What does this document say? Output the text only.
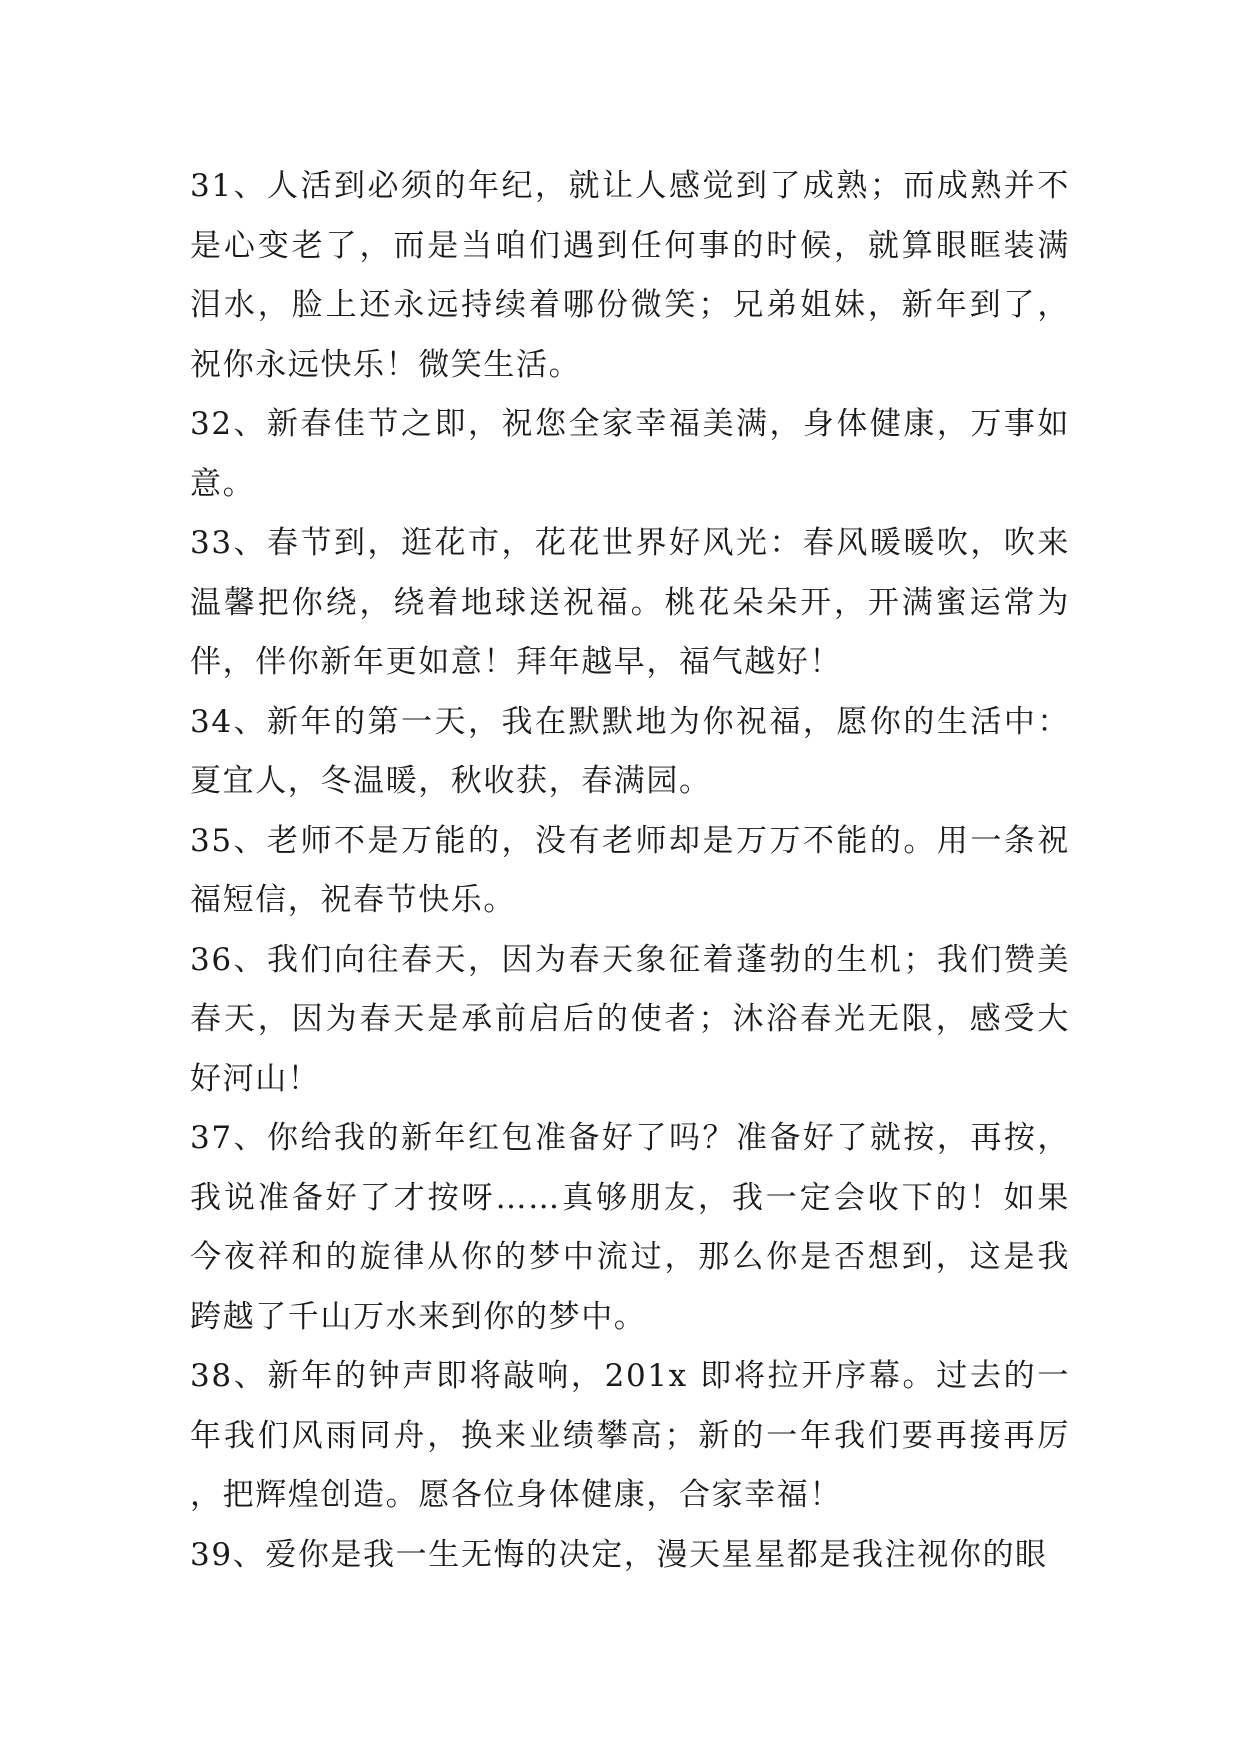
31、人活到必须的年纪，就让人感觉到了成熟；而成熟并不是心变老了，而是当咱们遇到任何事的时候，就算眼眶装满泪水，脸上还永远持续着哪份微笑；兄弟姐妹，新年到了，祝你永远快乐！微笑生活。

32、新春佳节之即，祝您全家幸福美满，身体健康，万事如意。

33、春节到，逛花市，花花世界好风光：春风暖暖吹，吹来温馨把你绕，绕着地球送祝福。桃花朵朵开，开满蜜运常为伴，伴你新年更如意！拜年越早，福气越好！

34、新年的第一天，我在默默地为你祝福，愿你的生活中：夏宜人，冬温暖，秋收获，春满园。

35、老师不是万能的，没有老师却是万万不能的。用一条祝福短信，祝春节快乐。

36、我们向往春天，因为春天象征着蓬勃的生机；我们赞美春天，因为春天是承前启后的使者；沐浴春光无限，感受大好河山！

37、你给我的新年红包准备好了吗？准备好了就按，再按，我说准备好了才按呀……真够朋友，我一定会收下的！如果今夜祥和的旋律从你的梦中流过，那么你是否想到，这是我跨越了千山万水来到你的梦中。

38、新年的钟声即将敲响，201x 即将拉开序幕。过去的一年我们风雨同舟，换来业绩攀高；新的一年我们要再接再厉，把辉煌创造。愿各位身体健康，合家幸福！

39、爱你是我一生无悔的决定，漫天星星都是我注视你的眼
